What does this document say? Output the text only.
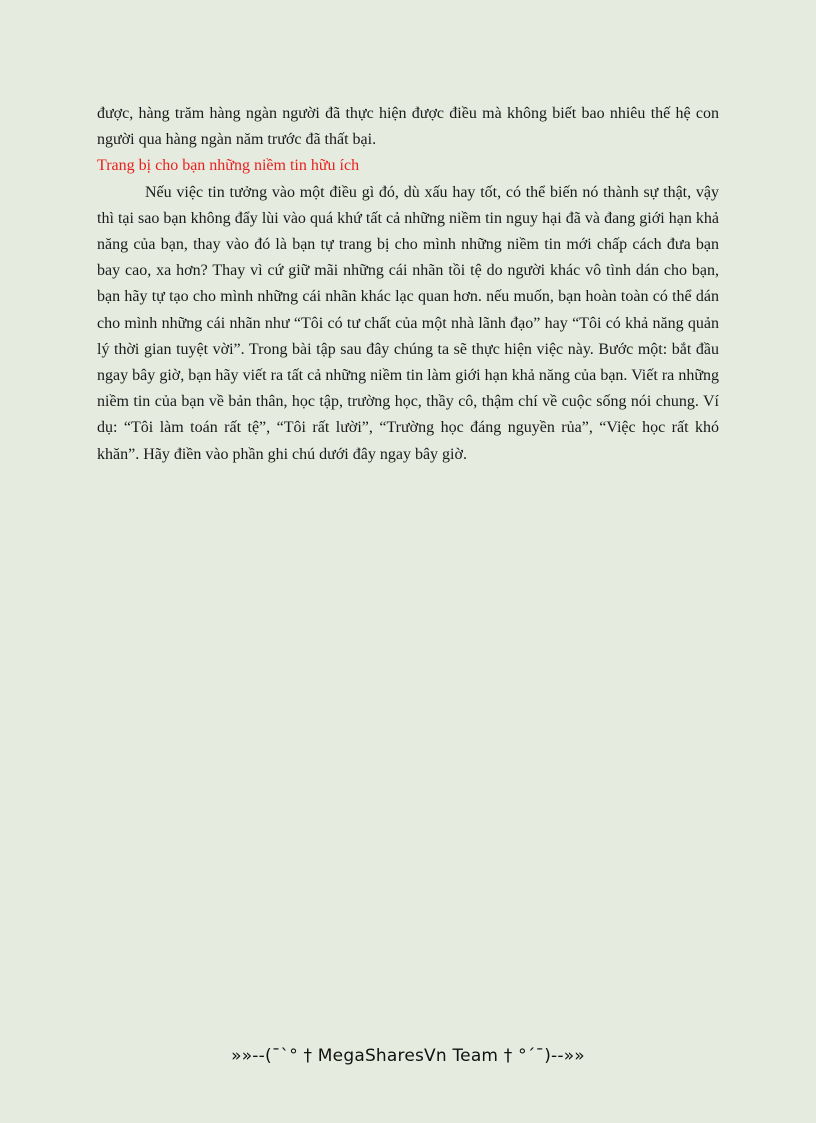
được, hàng trăm hàng ngàn người đã thực hiện được điều mà không biết bao nhiêu thế hệ con người qua hàng ngàn năm trước đã thất bại.

Trang bị cho bạn những niềm tin hữu ích

Nếu việc tin tưởng vào một điều gì đó, dù xấu hay tốt, có thể biến nó thành sự thật, vậy thì tại sao bạn không đẩy lùi vào quá khứ tất cả những niềm tin nguy hại đã và đang giới hạn khả năng của bạn, thay vào đó là bạn tự trang bị cho mình những niềm tin mới chấp cách đưa bạn bay cao, xa hơn? Thay vì cứ giữ mãi những cái nhãn tồi tệ do người khác vô tình dán cho bạn, bạn hãy tự tạo cho mình những cái nhãn khác lạc quan hơn. nếu muốn, bạn hoàn toàn có thể dán cho mình những cái nhãn như “Tôi có tư chất của một nhà lãnh đạo” hay “Tôi có khả năng quản lý thời gian tuyệt vời”. Trong bài tập sau đây chúng ta sẽ thực hiện việc này. Bước một: bắt đầu ngay bây giờ, bạn hãy viết ra tất cả những niềm tin làm giới hạn khả năng của bạn. Viết ra những niềm tin của bạn về bản thân, học tập, trường học, thầy cô, thậm chí về cuộc sống nói chung. Ví dụ: “Tôi làm toán rất tệ”, “Tôi rất lười”, “Trường học đáng nguyền rủa”, “Việc học rất khó khăn”. Hãy điền vào phần ghi chú dưới đây ngay bây giờ.

»»--(¯`° † MegaSharesVn Team † °´¯)--»»
